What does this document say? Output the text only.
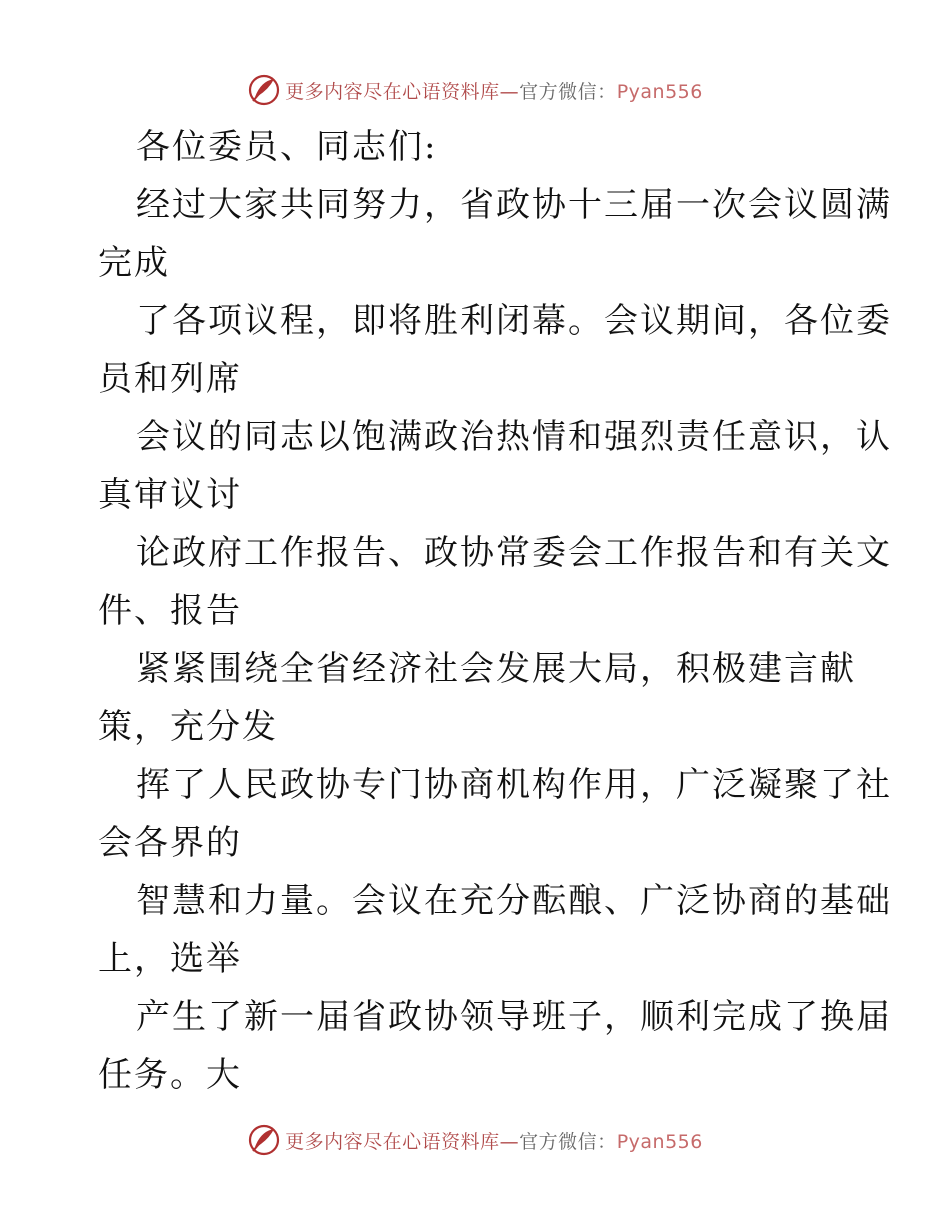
更多内容尽在心语资料库—官方微信：Pyan556
各位委员、同志们:
经过大家共同努力，省政协十三届一次会议圆满
完成
了各项议程，即将胜利闭幕。会议期间，各位委
员和列席
会议的同志以饱满政治热情和强烈责任意识，认
真审议讨
论政府工作报告、政协常委会工作报告和有关文
件、报告
紧紧围绕全省经济社会发展大局，积极建言献
策，充分发
挥了人民政协专门协商机构作用，广泛凝聚了社
会各界的
智慧和力量。会议在充分酝酿、广泛协商的基础
上，选举
产生了新一届省政协领导班子，顺利完成了换届
任务。大
更多内容尽在心语资料库—官方微信：Pyan556
